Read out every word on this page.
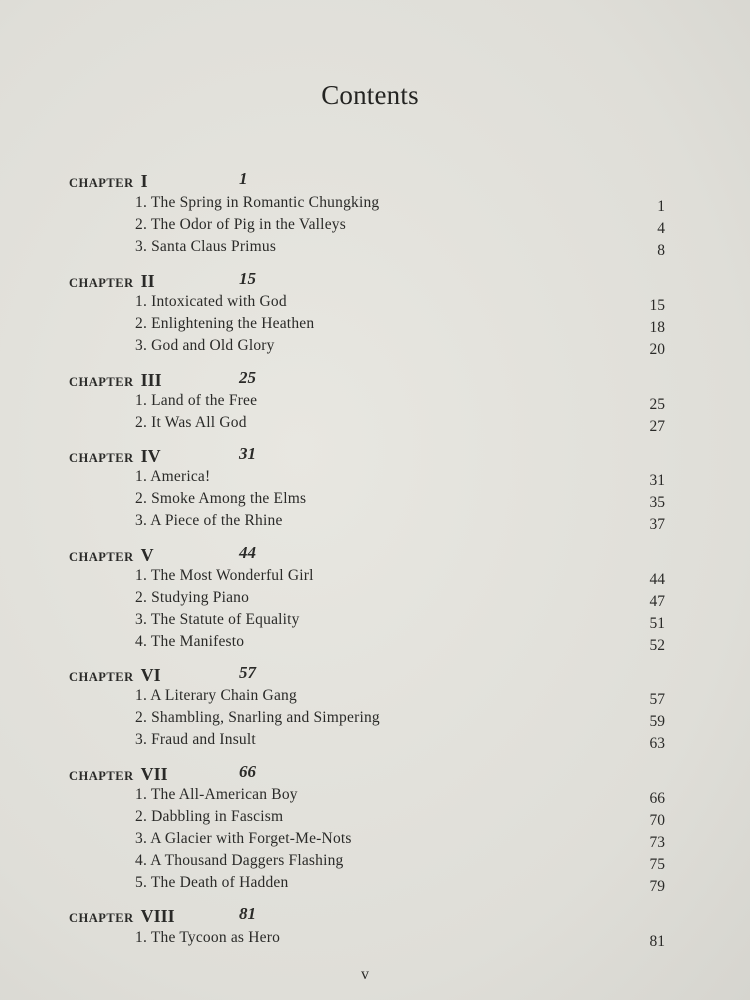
Contents
CHAPTER I	1
1. The Spring in Romantic Chungking	1
2. The Odor of Pig in the Valleys	4
3. Santa Claus Primus	8
CHAPTER II	15
1. Intoxicated with God	15
2. Enlightening the Heathen	18
3. God and Old Glory	20
CHAPTER III	25
1. Land of the Free	25
2. It Was All God	27
CHAPTER IV	31
1. America!	31
2. Smoke Among the Elms	35
3. A Piece of the Rhine	37
CHAPTER V	44
1. The Most Wonderful Girl	44
2. Studying Piano	47
3. The Statute of Equality	51
4. The Manifesto	52
CHAPTER VI	57
1. A Literary Chain Gang	57
2. Shambling, Snarling and Simpering	59
3. Fraud and Insult	63
CHAPTER VII	66
1. The All-American Boy	66
2. Dabbling in Fascism	70
3. A Glacier with Forget-Me-Nots	73
4. A Thousand Daggers Flashing	75
5. The Death of Hadden	79
CHAPTER VIII	81
1. The Tycoon as Hero	81
v
